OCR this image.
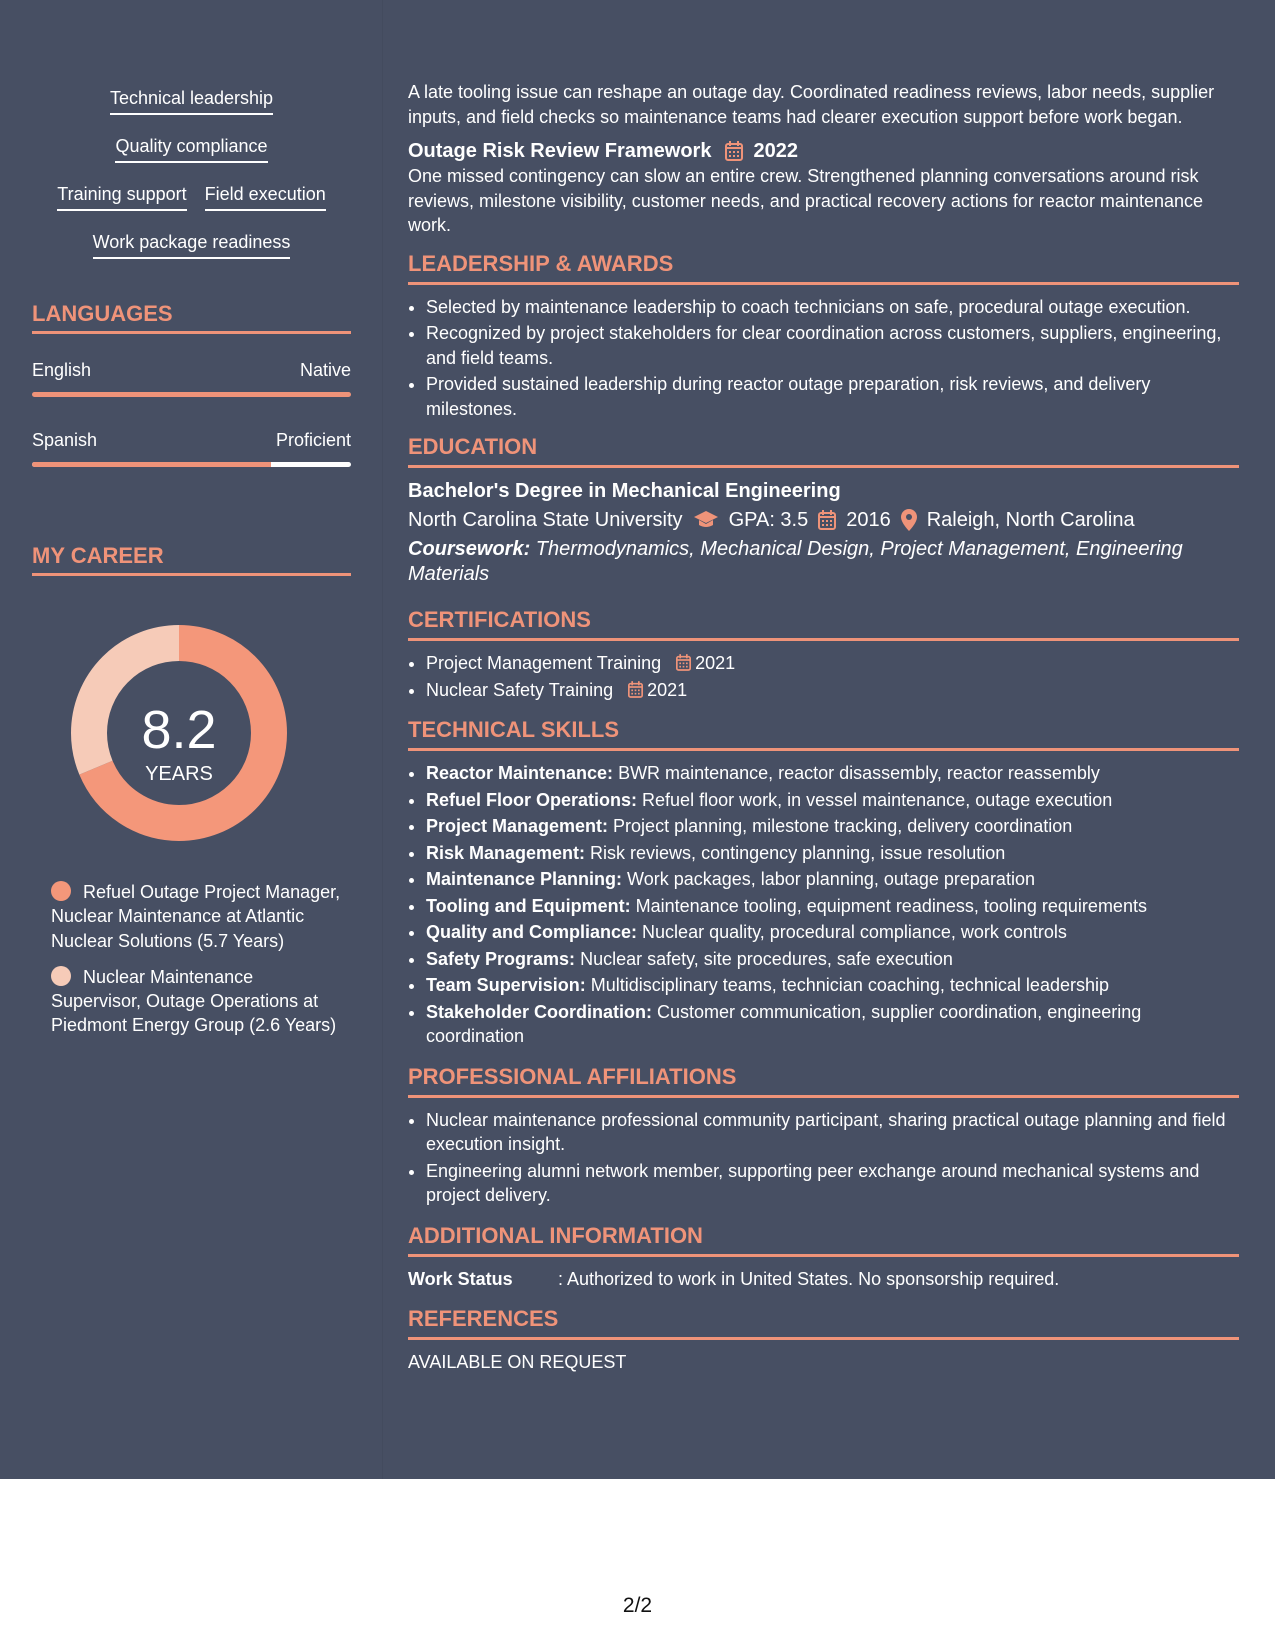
Technical leadership
Quality compliance
Training support Field execution
Work package readiness
LANGUAGES
English	Native
Spanish	Proficient
MY CAREER
8.2
YEARS
Refuel Outage Project Manager, Nuclear Maintenance at Atlantic Nuclear Solutions (5.7 Years)
Nuclear Maintenance Supervisor, Outage Operations at Piedmont Energy Group (2.6 Years)

A late tooling issue can reshape an outage day. Coordinated readiness reviews, labor needs, supplier inputs, and field checks so maintenance teams had clearer execution support before work began.

Outage Risk Review Framework 2022

One missed contingency can slow an entire crew. Strengthened planning conversations around risk reviews, milestone visibility, customer needs, and practical recovery actions for reactor maintenance work.

LEADERSHIP & AWARDS
• Selected by maintenance leadership to coach technicians on safe, procedural outage execution.
• Recognized by project stakeholders for clear coordination across customers, suppliers, engineering, and field teams.
• Provided sustained leadership during reactor outage preparation, risk reviews, and delivery milestones.
EDUCATION
Bachelor's Degree in Mechanical Engineering
North Carolina State University GPA: 3.5 2016 Raleigh, North Carolina
Coursework: Thermodynamics, Mechanical Design, Project Management, Engineering Materials
CERTIFICATIONS
• Project Management Training 2021
• Nuclear Safety Training 2021
TECHNICAL SKILLS
• Reactor Maintenance: BWR maintenance, reactor disassembly, reactor reassembly
• Refuel Floor Operations: Refuel floor work, in vessel maintenance, outage execution
• Project Management: Project planning, milestone tracking, delivery coordination
• Risk Management: Risk reviews, contingency planning, issue resolution
• Maintenance Planning: Work packages, labor planning, outage preparation
• Tooling and Equipment: Maintenance tooling, equipment readiness, tooling requirements
• Quality and Compliance: Nuclear quality, procedural compliance, work controls
• Safety Programs: Nuclear safety, site procedures, safe execution
• Team Supervision: Multidisciplinary teams, technician coaching, technical leadership
• Stakeholder Coordination: Customer communication, supplier coordination, engineering coordination
PROFESSIONAL AFFILIATIONS
• Nuclear maintenance professional community participant, sharing practical outage planning and field execution insight.
• Engineering alumni network member, supporting peer exchange around mechanical systems and project delivery.
ADDITIONAL INFORMATION
Work Status	: Authorized to work in United States. No sponsorship required.
REFERENCES

AVAILABLE ON REQUEST

2/2
